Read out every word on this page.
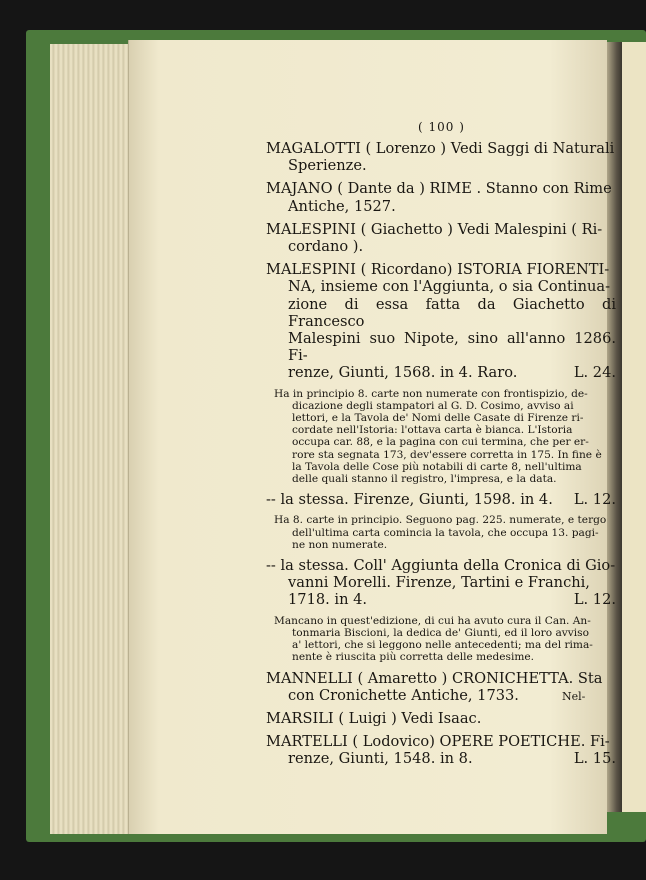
( 100 )
MAGALOTTI ( Lorenzo ) Vedi Saggi di Naturali
Sperienze.
MAJANO ( Dante da ) RIME . Stanno con Rime
Antiche, 1527.
MALESPINI ( Giachetto ) Vedi Malespini ( Ri-
cordano ).
MALESPINI ( Ricordano) ISTORIA FIORENTI-
NA, insieme con l'Aggiunta, o sia Continua-
zione di essa fatta da Giachetto di Francesco
Malespini suo Nipote, sino all'anno 1286. Fi-
renze, Giunti, 1568. in 4. Raro.	L. 24.
Ha in principio 8. carte non numerate con frontispizio, de-
dicazione degli stampatori al G. D. Cosimo, avviso ai
lettori, e la Tavola de' Nomi delle Casate di Firenze ri-
cordate nell'Istoria: l'ottava carta è bianca. L'Istoria
occupa car. 88, e la pagina con cui termina, che per er-
rore sta segnata 173, dev'essere corretta in 175. In fine è
la Tavola delle Cose più notabili di carte 8, nell'ultima
delle quali stanno il registro, l'impresa, e la data.
-- la stessa. Firenze, Giunti, 1598. in 4. L. 12.
Ha 8. carte in principio. Seguono pag. 225. numerate, e tergo
dell'ultima carta comincia la tavola, che occupa 13. pagi-
ne non numerate.
-- la stessa. Coll' Aggiunta della Cronica di Gio-
vanni Morelli. Firenze, Tartini e Franchi,
1718. in 4.	L. 12.
Mancano in quest'edizione, di cui ha avuto cura il Can. An-
tonmaria Biscioni, la dedica de' Giunti, ed il loro avviso
a' lettori, che si leggono nelle antecedenti; ma del rima-
nente è riuscita più corretta delle medesime.
MANNELLI ( Amaretto ) CRONICHETTA. Sta
con Cronichette Antiche, 1733.
MARSILI ( Luigi ) Vedi Isaac.
MARTELLI ( Lodovico) OPERE POETICHE. Fi-
renze, Giunti, 1548. in 8.	L. 15.
Nel-
